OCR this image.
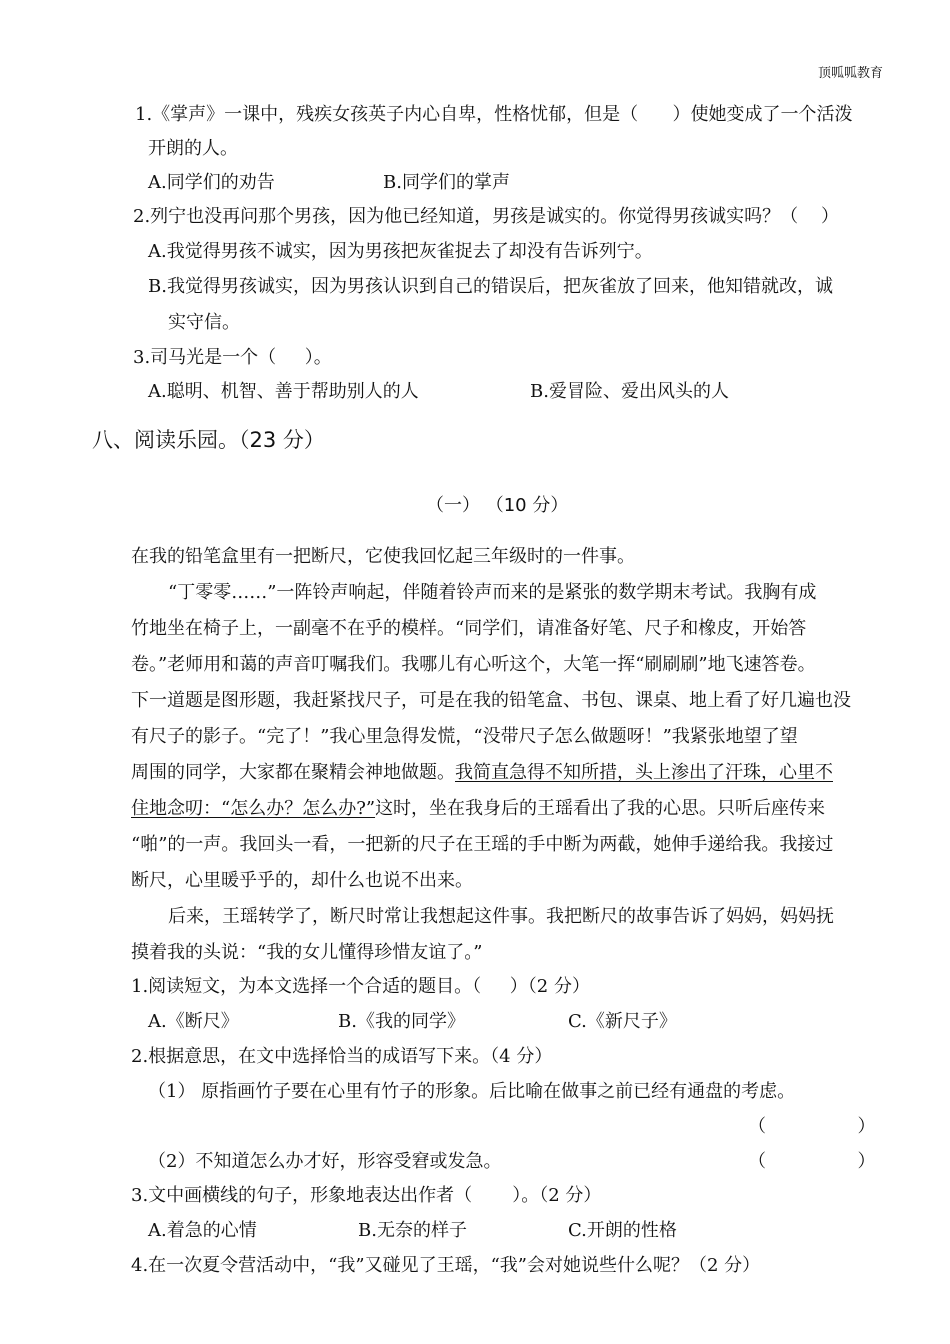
顶呱呱教育
1.《掌声》一课中，残疾女孩英子内心自卑，性格忧郁，但是（      ）使她变成了一个活泼
开朗的人。
A.同学们的劝告	B.同学们的掌声
2.列宁也没再问那个男孩，因为他已经知道，男孩是诚实的。你觉得男孩诚实吗？（    ）
A.我觉得男孩不诚实，因为男孩把灰雀捉去了却没有告诉列宁。
B.我觉得男孩诚实，因为男孩认识到自己的错误后，把灰雀放了回来，他知错就改，诚
实守信。
3.司马光是一个（     ）。
A.聪明、机智、善于帮助别人的人	B.爱冒险、爱出风头的人
八、阅读乐园。（23 分）
（一） （10 分）
在我的铅笔盒里有一把断尺，它使我回忆起三年级时的一件事。
“丁零零……”一阵铃声响起，伴随着铃声而来的是紧张的数学期末考试。我胸有成
竹地坐在椅子上，一副毫不在乎的模样。“同学们，请准备好笔、尺子和橡皮，开始答
卷。”老师用和蔼的声音叮嘱我们。我哪儿有心听这个，大笔一挥“刷刷刷”地飞速答卷。
下一道题是图形题，我赶紧找尺子，可是在我的铅笔盒、书包、课桌、地上看了好几遍也没
有尺子的影子。“完了！”我心里急得发慌，“没带尺子怎么做题呀！”我紧张地望了望
周围的同学，大家都在聚精会神地做题。我简直急得不知所措，头上渗出了汗珠，心里不
住地念叨：“怎么办？怎么办?”这时，坐在我身后的王瑶看出了我的心思。只听后座传来
“啪”的一声。我回头一看，一把新的尺子在王瑶的手中断为两截，她伸手递给我。我接过
断尺，心里暖乎乎的，却什么也说不出来。
后来，王瑶转学了，断尺时常让我想起这件事。我把断尺的故事告诉了妈妈，妈妈抚
摸着我的头说：“我的女儿懂得珍惜友谊了。”
1.阅读短文，为本文选择一个合适的题目。（     ）（2 分）
A.《断尺》	B.《我的同学》	C.《新尺子》
2.根据意思，在文中选择恰当的成语写下来。（4 分）
（1） 原指画竹子要在心里有竹子的形象。后比喻在做事之前已经有通盘的考虑。
（                ）
（2）不知道怎么办才好，形容受窘或发急。	（                ）
3.文中画横线的句子，形象地表达出作者（       ）。（2 分）
A.着急的心情	B.无奈的样子	C.开朗的性格
4.在一次夏令营活动中，“我”又碰见了王瑶，“我”会对她说些什么呢？（2 分）
